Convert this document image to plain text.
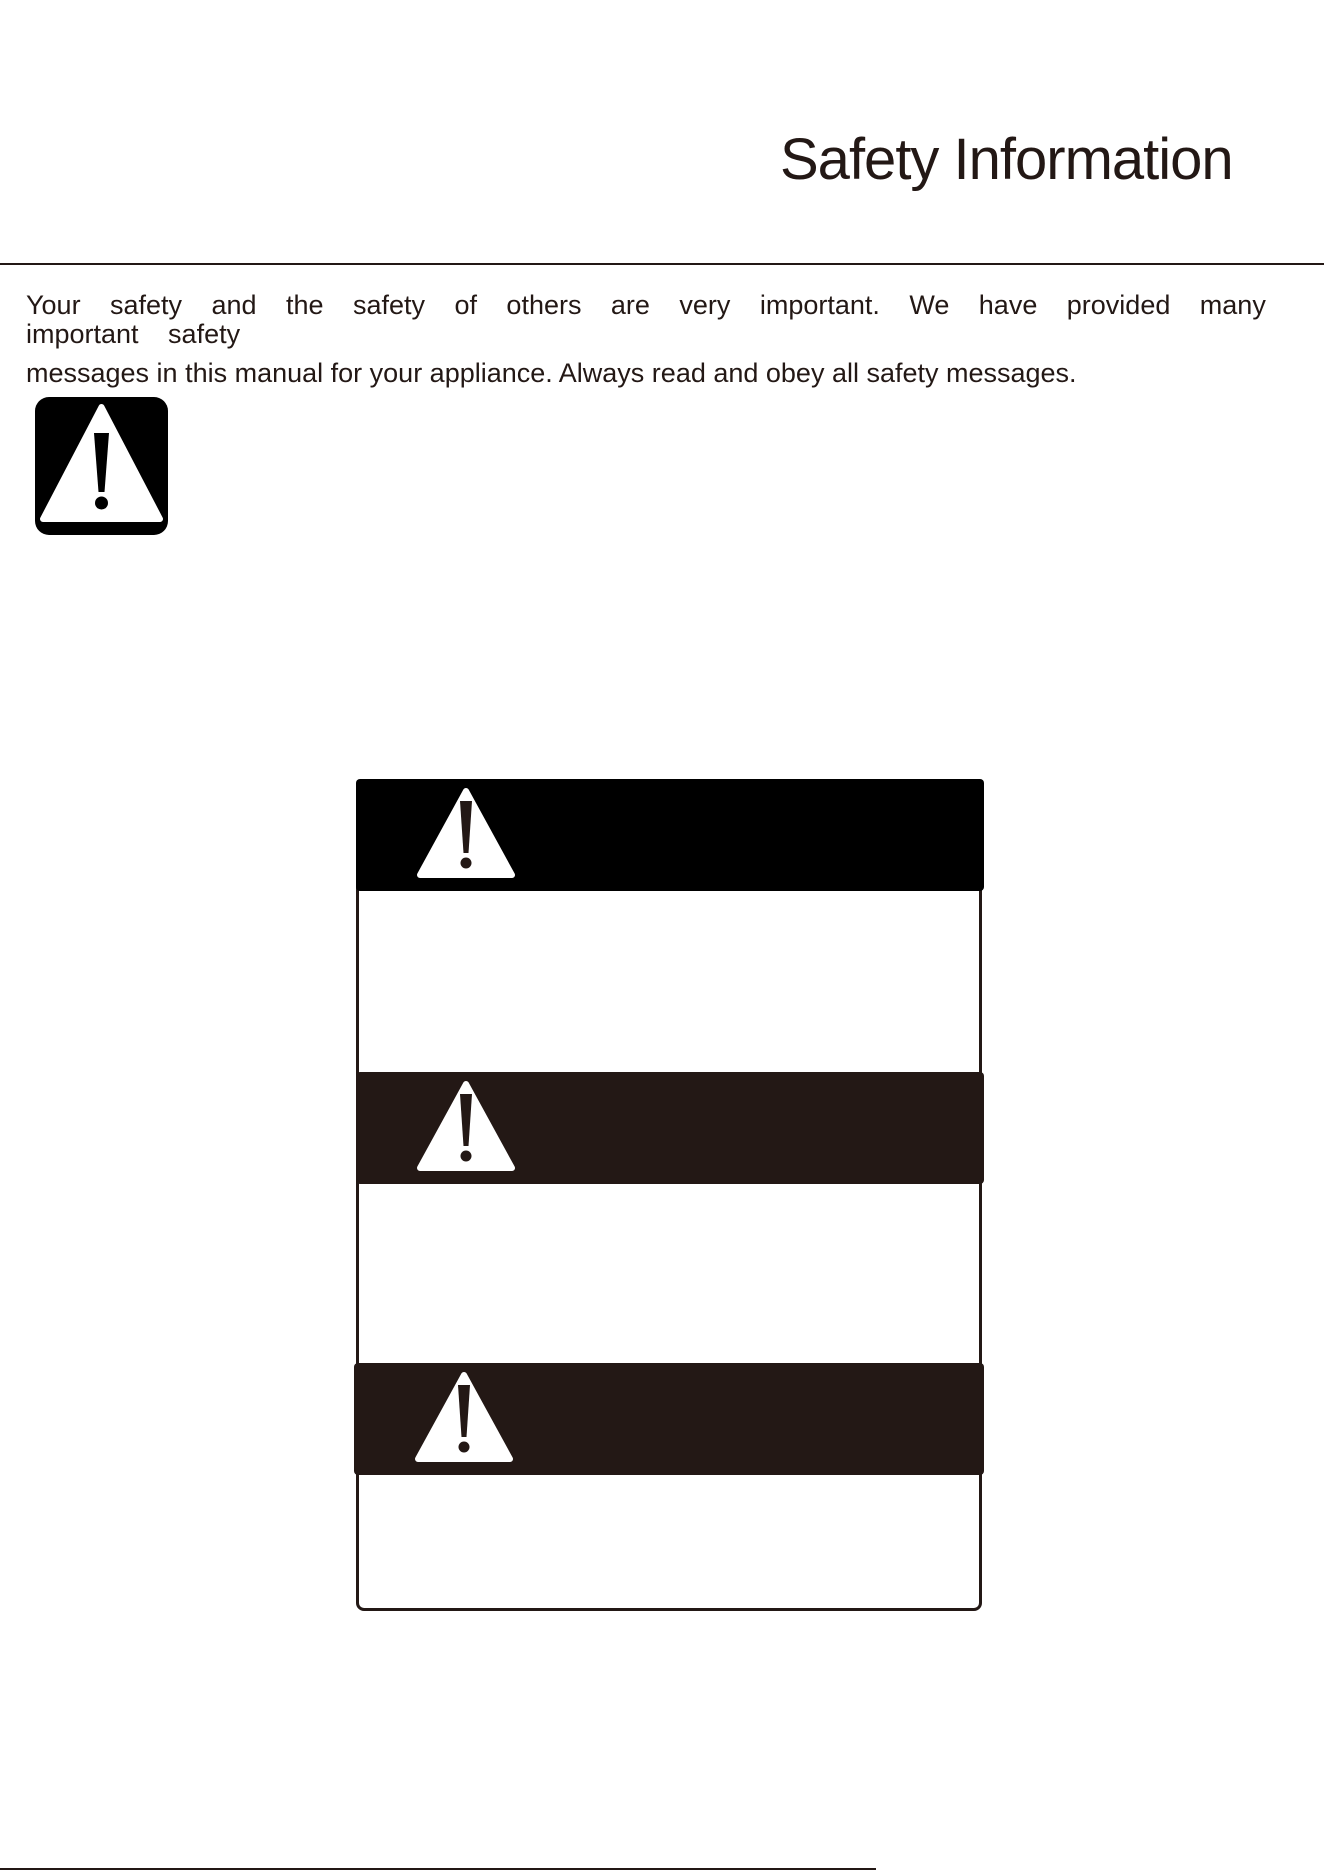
Safety Information
Your safety and the safety of others are very important. We have provided many
important safety
messages in this manual for your appliance. Always read and obey all safety messages.
